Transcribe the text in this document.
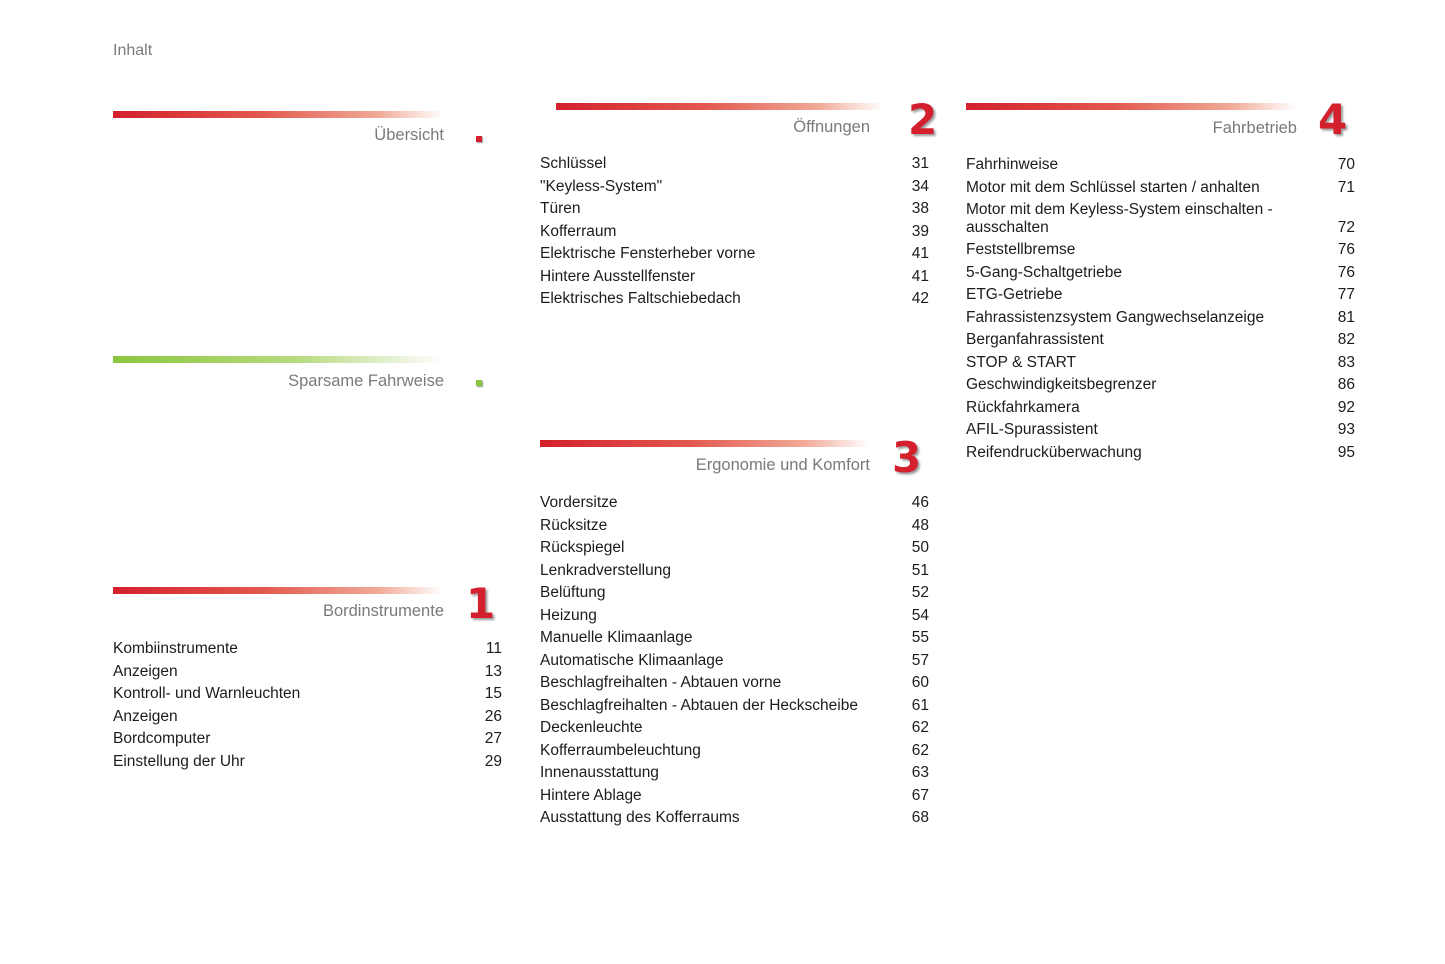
Inhalt
Übersicht
Sparsame Fahrweise
Bordinstrumente 1
Kombiinstrumente	11
Anzeigen	13
Kontroll- und Warnleuchten	15
Anzeigen	26
Bordcomputer	27
Einstellung der Uhr	29
Öffnungen 2
Schlüssel	31
"Keyless-System"	34
Türen	38
Kofferraum	39
Elektrische Fensterheber vorne	41
Hintere Ausstellfenster	41
Elektrisches Faltschiebedach	42
Ergonomie und Komfort 3
Vordersitze	46
Rücksitze	48
Rückspiegel	50
Lenkradverstellung	51
Belüftung	52
Heizung	54
Manuelle Klimaanlage	55
Automatische Klimaanlage	57
Beschlagfreihalten - Abtauen vorne	60
Beschlagfreihalten - Abtauen der Heckscheibe	61
Deckenleuchte	62
Kofferraumbeleuchtung	62
Innenausstattung	63
Hintere Ablage	67
Ausstattung des Kofferraums	68
Fahrbetrieb 4
Fahrhinweise	70
Motor mit dem Schlüssel starten / anhalten	71
Motor mit dem Keyless-System einschalten - ausschalten	72
Feststellbremse	76
5-Gang-Schaltgetriebe	76
ETG-Getriebe	77
Fahrassistenzsystem Gangwechselanzeige	81
Berganfahrassistent	82
STOP & START	83
Geschwindigkeitsbegrenzer	86
Rückfahrkamera	92
AFIL-Spurassistent	93
Reifendrucküberwachung	95
